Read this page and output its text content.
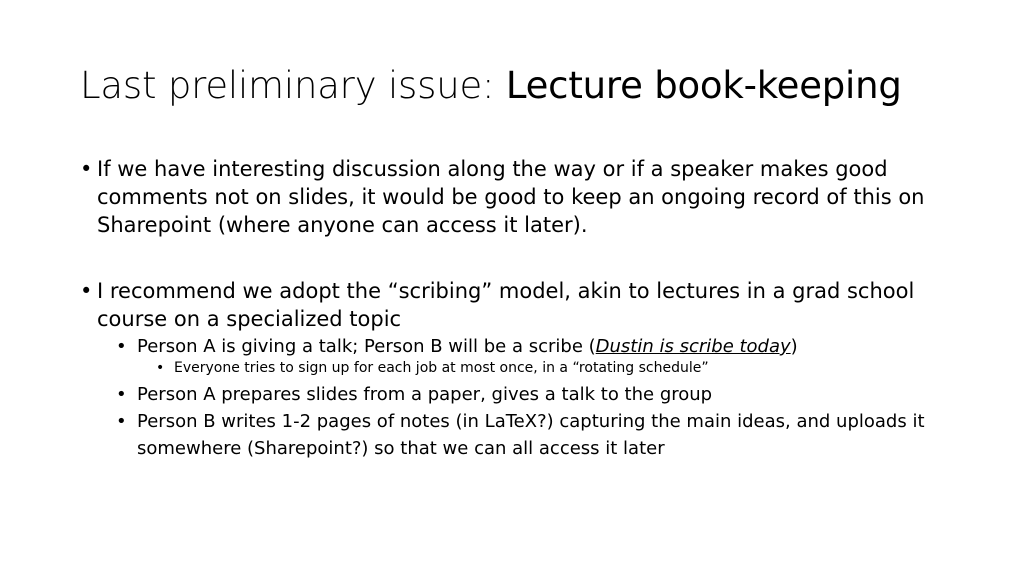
Last preliminary issue: Lecture book-keeping
• If we have interesting discussion along the way or if a speaker makes good comments not on slides, it would be good to keep an ongoing record of this on Sharepoint (where anyone can access it later).
• I recommend we adopt the “scribing” model, akin to lectures in a grad school course on a specialized topic
• Person A is giving a talk; Person B will be a scribe (Dustin is scribe today)
• Everyone tries to sign up for each job at most once, in a “rotating schedule”
• Person A prepares slides from a paper, gives a talk to the group
• Person B writes 1-2 pages of notes (in LaTeX?) capturing the main ideas, and uploads it somewhere (Sharepoint?) so that we can all access it later
